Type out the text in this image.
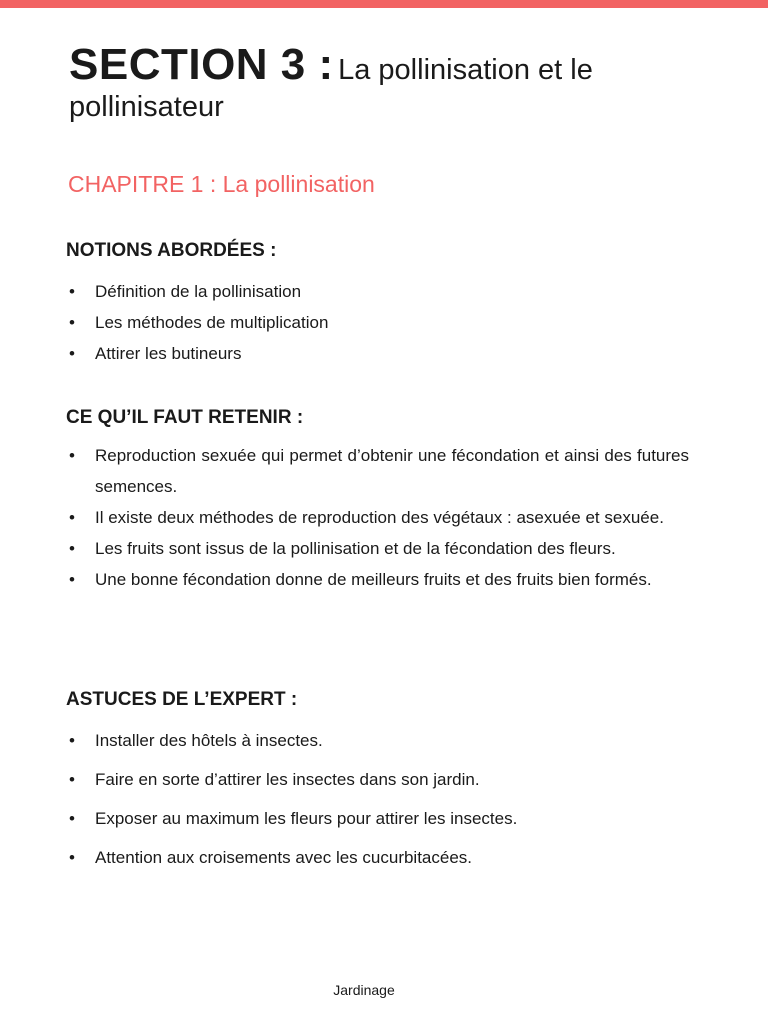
SECTION 3 : La pollinisation et le
pollinisateur
CHAPITRE 1 : La pollinisation
NOTIONS ABORDÉES :
• Définition de la pollinisation
• Les méthodes de multiplication
• Attirer les butineurs
CE QU’IL FAUT RETENIR :
• Reproduction sexuée qui permet d’obtenir une fécondation et ainsi des futures semences.
• Il existe deux méthodes de reproduction des végétaux : asexuée et sexuée.
• Les fruits sont issus de la pollinisation et de la fécondation des fleurs.
• Une bonne fécondation donne de meilleurs fruits et des fruits bien formés.
ASTUCES DE L’EXPERT :
• Installer des hôtels à insectes.
• Faire en sorte d’attirer les insectes dans son jardin.
• Exposer au maximum les fleurs pour attirer les insectes.
• Attention aux croisements avec les cucurbitacées.
Jardinage
